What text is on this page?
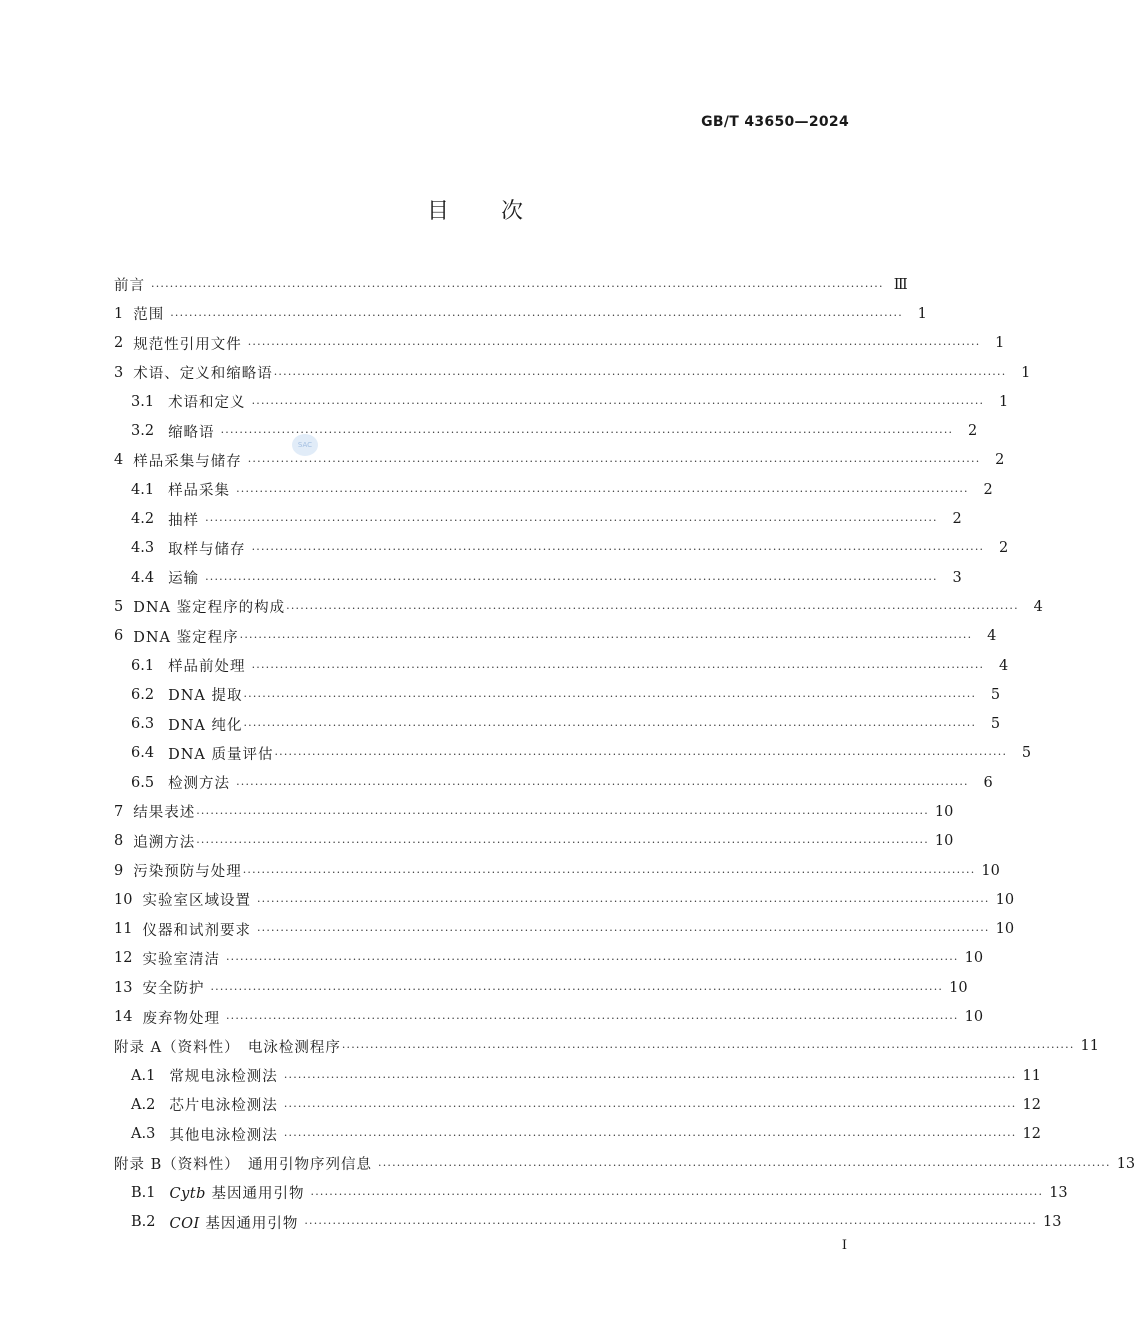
GB/T 43650—2024
目次
SAC
前言 ···························································································································································· Ⅲ
1 范围 ····························································································································································	1
2 规范性引用文件 ····························································································································································	1
3 术语、定义和缩略语 ····························································································································································	1
3.1 术语和定义 ····························································································································································	1
3.2 缩略语 ····························································································································································	2
4 样品采集与储存 ····························································································································································	2
4.1 样品采集 ····························································································································································	2
4.2 抽样 ····························································································································································	2
4.3 取样与储存 ····························································································································································	2
4.4 运输 ····························································································································································	3
5 DNA 鉴定程序的构成 ····························································································································································	4
6 DNA 鉴定程序 ····························································································································································	4
6.1 样品前处理 ····························································································································································	4
6.2 DNA 提取 ····························································································································································	5
6.3 DNA 纯化 ····························································································································································	5
6.4 DNA 质量评估 ····························································································································································	5
6.5 检测方法 ····························································································································································	6
7 结果表述 ···························································································································································· 10
8 追溯方法 ···························································································································································· 10
9 污染预防与处理 ···························································································································································· 10
10 实验室区域设置 ···························································································································································· 10
11 仪器和试剂要求 ···························································································································································· 10
12 实验室清洁 ···························································································································································· 10
13 安全防护 ···························································································································································· 10
14 废弃物处理 ···························································································································································· 10
附录 A（资料性）　电泳检测程序 ···························································································································································· 11
A.1 常规电泳检测法 ···························································································································································· 11
A.2 芯片电泳检测法 ···························································································································································· 12
A.3 其他电泳检测法 ···························································································································································· 12
附录 B（资料性）　通用引物序列信息 ···························································································································································· 13
B.1 Cytb 基因通用引物 ···························································································································································· 13
B.2 COI 基因通用引物 ···························································································································································· 13
I
